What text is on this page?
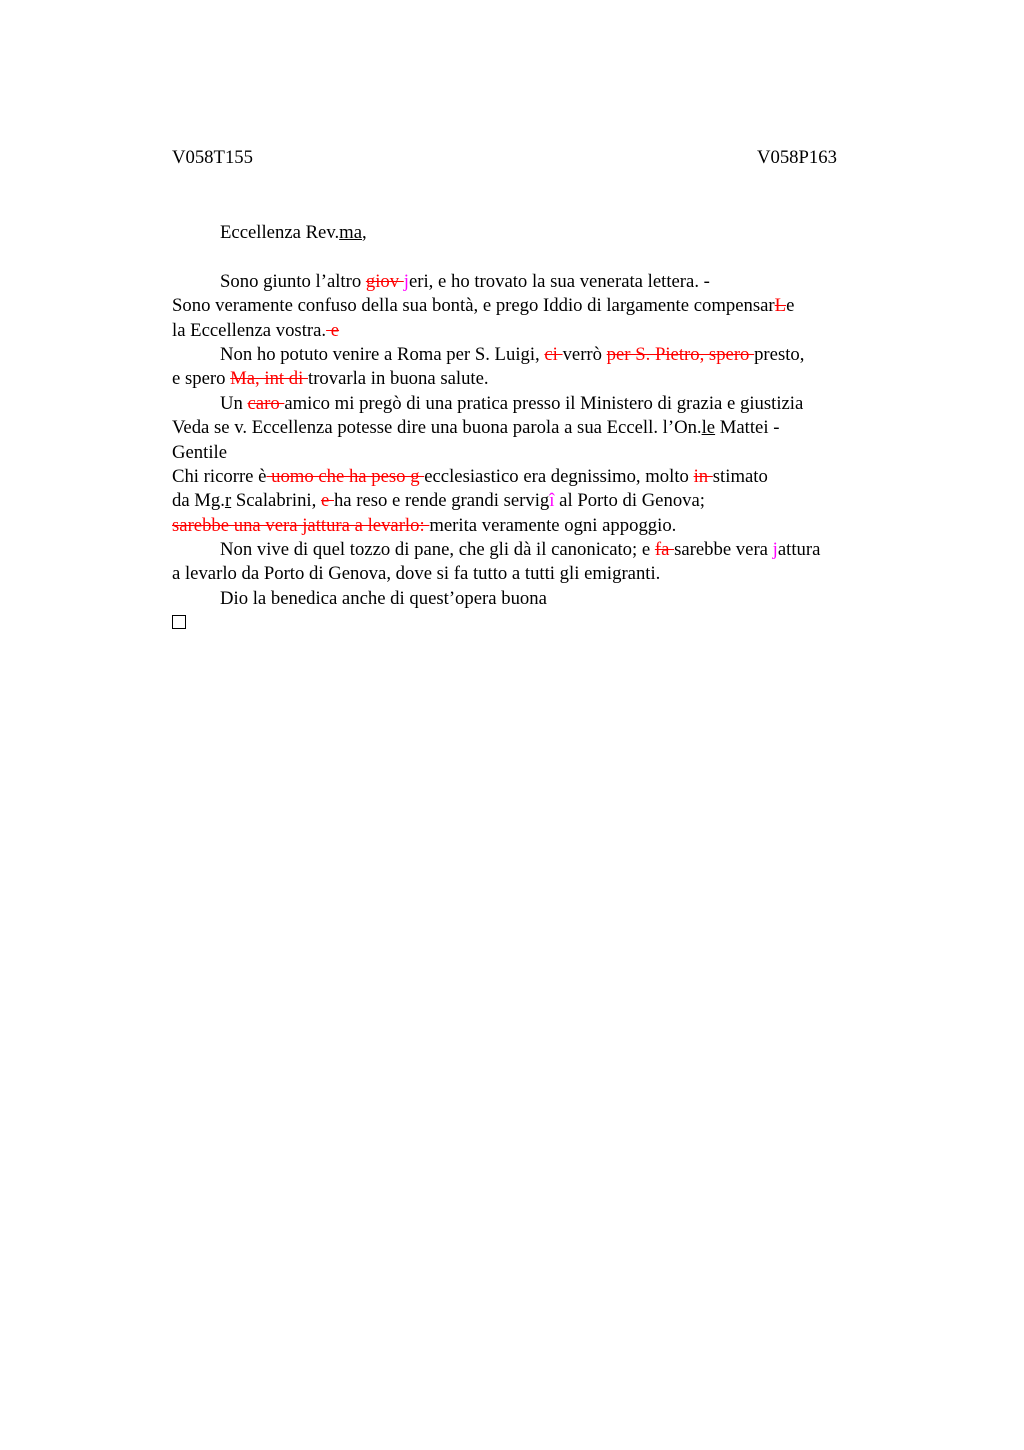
V058T155	V058P163
Eccellenza Rev.ma,
Sono giunto l’altro giov jeri, e ho trovato la sua venerata lettera. -
Sono veramente confuso della sua bontà, e prego Iddio di largamente compensarLe
la Eccellenza vostra. e
Non ho potuto venire a Roma per S. Luigi, ci verrò per S. Pietro, spero presto,
e spero Ma, int di trovarla in buona salute.
Un caro amico mi pregò di una pratica presso il Ministero di grazia e giustizia
Veda se v. Eccellenza potesse dire una buona parola a sua Eccell. l’On.le Mattei -
Gentile
Chi ricorre è uomo che ha peso g ecclesiastico era degnissimo, molto in stimato
da Mg.r Scalabrini, e ha reso e rende grandi servigî al Porto di Genova;
sarebbe una vera jattura a levarlo: merita veramente ogni appoggio.
Non vive di quel tozzo di pane, che gli dà il canonicato; e fa sarebbe vera jattura
a levarlo da Porto di Genova, dove si fa tutto a tutti gli emigranti.
Dio la benedica anche di quest’opera buona
